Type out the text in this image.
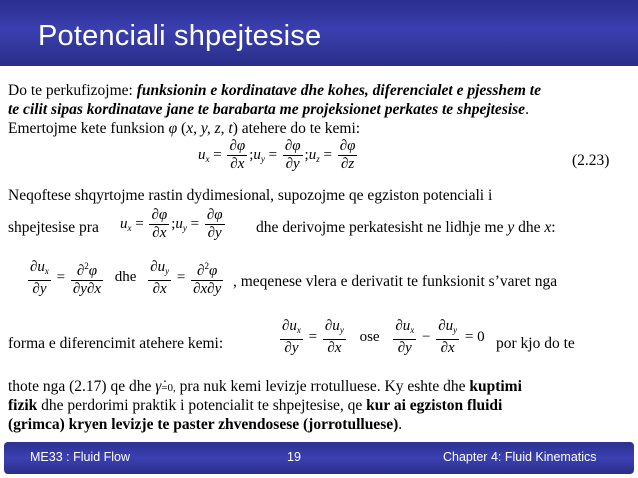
Potenciali shpejtesise
Do te perkufizojme: funksionin e kordinatave dhe kohes, diferencialet e pjesshem te
te cilit sipas kordinatave jane te barabarta me projeksionet perkates te shpejtesise.
Emertojme kete funksion φ (x, y, z, t) atehere do te kemi:
$u_x = \frac{\partial\varphi}{\partial x}$ $;u_y = \frac{\partial\varphi}{\partial y}$ $;u_z = \frac{\partial\varphi}{\partial z}$	(2.23)
Neqoftese shqyrtojme rastin dydimesional, supozojme qe egziston potenciali i
shpejtesise pra $u_x = \frac{\partial\varphi}{\partial x}$ $;u_y = \frac{\partial\varphi}{\partial y}$ dhe derivojme perkatesisht ne lidhje me y dhe x:
$\frac{\partial u_x}{\partial y} = \frac{\partial^2\varphi}{\partial y\partial x}$ dhe $\frac{\partial u_y}{\partial x} = \frac{\partial^2\varphi}{\partial x\partial y}$ , meqenese vlera e derivatit te funksionit s’varet nga
forma e diferencimit atehere kemi:	$\frac{\partial u_x}{\partial y} = \frac{\partial u_y}{\partial x}$ ose $\frac{\partial u_x}{\partial y} - \frac{\partial u_y}{\partial x} = 0$ por kjo do te
thote nga (2.17) qe dhe γ̇=0, pra nuk kemi levizje rrotulluese. Ky eshte dhe kuptimi
fizik dhe perdorimi praktik i potencialit te shpejtesise, qe kur ai egziston fluidi
(grimca) kryen levizje te paster zhvendosese (jorrotulluese).
ME33 : Fluid Flow	19	Chapter 4: Fluid Kinematics
